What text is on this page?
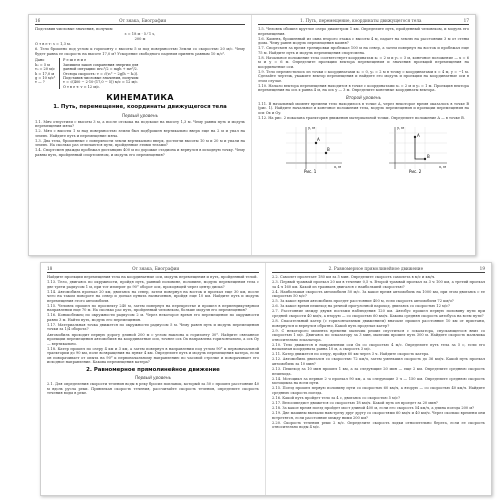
16	От знака, Биографии
Подставив числовые значения, получим
s = 18 м · 5 ⁄ 1 s,
200 м
О т в е т: s = 1,3 м.
6. Тело брошено под углом к горизонту с высоты 5 м под поверхностью Земли со скоростью 20 м/с. Чему будет равна ее скорость на высоте 17,0 м? Ускорение свободного падения принять равным 10 м/с².
Дано
h₀ = 5 м
v₀ = 20 м/с
h = 17,0 м
g = 10 м/с²
v — ?
Р е ш е н и е
Запишем закон сохранения энергии для
данной ситуации: mv₀²/2 = mgh + mv²/2.
Отсюда скорость: v = √(v₀² − 2g(h − h₀)).
Подставив числовые значения, получим
v = √(400 − 2·10·(17,0 − 5)) м/с ≈ 12 м/с.
О т в е т: v ≈ 12 м/с.
КИНЕМАТИКА
1. Путь, перемещение, координаты движущегося тела
Первый уровень
1.1. Мяч отпустили с высоты 3 м, а после отскока на подскоке на высоту 1,3 м. Чему равны путь и модуль перемещения мяча?
1.2. Мяч с высоты 1 м над поверхностью земли был подброшен вертикально вверх еще на 2 м и упал на землю. Найдите путь и перемещение мяча.
1.3. Два тела, брошенные с поверхности земли вертикально вверх, достигли высоты 10 м и 20 м и упали на землю. На сколько раз отличаются пути, пройденные этими телами?
1.4. Спортсмен дважды пробежал дистанцию 400 м по дорожке стадиона и вернулся в исходную точку. Чему равны путь, пройденный спортсменом, и модуль его перемещения?
1. Путь, перемещение, координаты движущегося тела	17
1.5. Человек обошел круглое озеро диаметром 1 км. Определите путь, пройденный человеком, и модуль его перемещения.
1.6. Камень, брошенный из окна второго этажа с высоты 4 м, падает на землю на расстоянии 3 м от стены дома. Чему равен модуль перемещения камня?
1.7. Спортсмен за время тренировки пробежал 100 м на север, а затем повернул на восток и пробежал еще 75 м. Найдите путь и модуль перемещения спортсмена.
1.8. Начальное положение тела соответствует координатам x₀ = 2 м и y₀ = 3 м, конечное положение — x = 6 м и y = 6 м. Определите проекции вектора перемещения и значения проекций перемещения на координатные оси.
1.9. Тело переместилось из точки с координатами x₀ = 0, y₀ = 2 м в точку с координатами x = 4 м, y = −1 м. Сделайте чертеж, укажите вектор перемещения и найдите его модуль и проекции на координатные оси в этом случае.
1.10. Начало вектора перемещения находится в точке с координатами x₀ = 2 м и y₀ = 1 м. Проекция вектора перемещения на ось x равна 4 м, на ось y — 3 м. Определите конечные координаты вектора.
Второй уровень
1.11. В начальный момент времени тело находилось в точке A, через некоторое время оказалось в точке B (рис. 1). Найдите начальное и конечное положения тела, модуль перемещения и проекции перемещения на оси Ox и Oy.
1.12. На рис. 2 показана траектория движения материальной точки. Определите положение A — в точке B.
A
B
x, м
y, м
Рис. 1
A
B
x, м
y, м
Рис. 2
18	От знака, Биографии
Найдите проекции перемещения тела на координатные оси, модуль перемещения и путь, пройденный телой.
1.13. Тело, двигаясь по окружности, пройдя путь, равный половине, половине, модуль перемещения тела с две трети радиусом 1 м, при тот измерит до 90° оборот оси, проходящей через центр диска?
1.14. Автомобиль проехал 20 км, двигаясь на север, затем повернул на восток и проехал еще 30 км, после чего на таком повороте на север и доехал пункта назначения, пройдя еще 10 км. Найдите путь и модуль перемещения этого автомобиля.
1.15. Человек прошел по проспекту 240 м, затем повернул на перекрестке и прошел в перпендикулярном направлении еще 70 м. На сколько рас путь, пройденный человеком, больше модуля его перемещения?
1.16. Конькобежец по окружности радиусом 2 м. Через некоторое время его перемещение по окружности равно 3 м. Найти путь, модуль его перемещения.
1.17. Материальная точка движется по окружности радиусом 5 м. Чему равен путь и модуль перемещения точки за 1/4 оборота?
Автомобиль проходит первую дорогу длиной 200 м с углом наклона к горизонту 30°. Найдите связанное проекции перемещения автомобиля на координатные оси, точнее ось Ox направлена горизонтально, а ось Oy — вертикально.
1.18. Катер прошел по озеру 4 км и 3 км, а затем повернул в направлении под углом 90° к первоначальной траектории до 90 км, поле возвращения на пункт 4 км. Определите путь и модуль перемещения катера, если он поворачивает от опыта на 90° к первоначальному направлению по часовой стрелке и поворачивает его исходное направление. Какова перемещения катера?
2. Равномерное прямолинейное движение
Первый уровень
2.1. Для определения скорости течения воды в реку бросил поплавок, который за 50 с прошел расстояние 40 м вдоль русла реки. Привлекая скорость течения, рассчитайте скорость течения, определите скорость течения воды в реке.
2. Равномерное прямолинейное движение	19
2.2. Самолет пролетает 180 км за 5 мин. Определите скорость самолета в м/с и км/ч.
2.3. Первый трамвай проехал 20 км в течение 0,5 ч. Второй трамвай проехал за 3 ч 100 км, а третий проехал за 4 ч 160 км. Какой из трамваев двигался с наибольшей скоростью?
2.4. Наибольшая скорость автомобиля 50 м/с. За какое время автомобиль на 1000 км, при этом двигаясь с ее скоростью 50 м/с?
2.5. За какое время автомобиль проедет расстояние 400 м, если скорость автомобиля 72 км/ч?
2.6. За какое время пешеход на речной прогулочной пароход, двигаясь со скоростью 12 м/с?
2.7. Расстояние между двумя постами наблюдения 120 км. Автобус прошел первую половину пути при средней скорости 40 км/ч, а вторую — со скоростью 60 км/ч. Какова средняя скорость автобуса на всем пути?
2.8. Спасательный катер (с горизонтальным движением) вначале прошел расстояние 10 км от пристани, повернулся и вернулся обратно. Какой путь проделал катер?
2.9. С некоторого момента времени мальчик решил спуститься с эскалатора, спускающегося вниз со скоростью 1 м/с. Двигаясь по эскалатору за 3 мин, мальчик прошел путь 300 м. Найдите скорость мальчика относительно эскалатора.
2.10. Тело движется в направлении оси Ox со скоростью 4 м/с. Определите путь тела за 5 с, если его начальная координата равна 10 м, а скорость 3 м/с.
2.11. Катер движется по озеру, пройдя 60 км через 3 ч. Найдите скорость катера.
2.12. Автомобиль двигался со скоростью 72 км/ч, затем уменьшил скорость до 36 км/ч. Какой путь проехал автомобиль за 10 мин?
2.13. Пешеход за 10 мин прошел 1 км, а за следующие 20 мин — еще 2 км. Определите среднюю скорость пешехода.
2.14. Мотоцикл за первые 2 ч проехал 90 км, а за следующие 3 ч — 150 км. Определите среднюю скорость мотоцикла на всем пути.
2.15. Поезд прошел первую половину пути со скоростью 60 км/ч, а вторую — со скоростью 40 км/ч. Найдите среднюю скорость поезда.
2.16. Какой путь пройдет тело за 4 с, двигаясь со скоростью 5 м/с?
2.17. Велосипедист движется со скоростью 18 км/ч. Какой путь он проедет за 20 мин?
2.18. За какое время поезд пройдет мост длиной 400 м, если его скорость 54 км/ч, а длина поезда 200 м?
2.19. Две машины выехали навстречу друг другу со скоростями 60 км/ч и 40 км/ч. Через сколько времени они встретятся, если расстояние между ними 200 км?
2.20. Скорость течения реки 2 м/с. Определите скорость лодки относительно берега, если ее скорость относительно воды 4 м/с.
